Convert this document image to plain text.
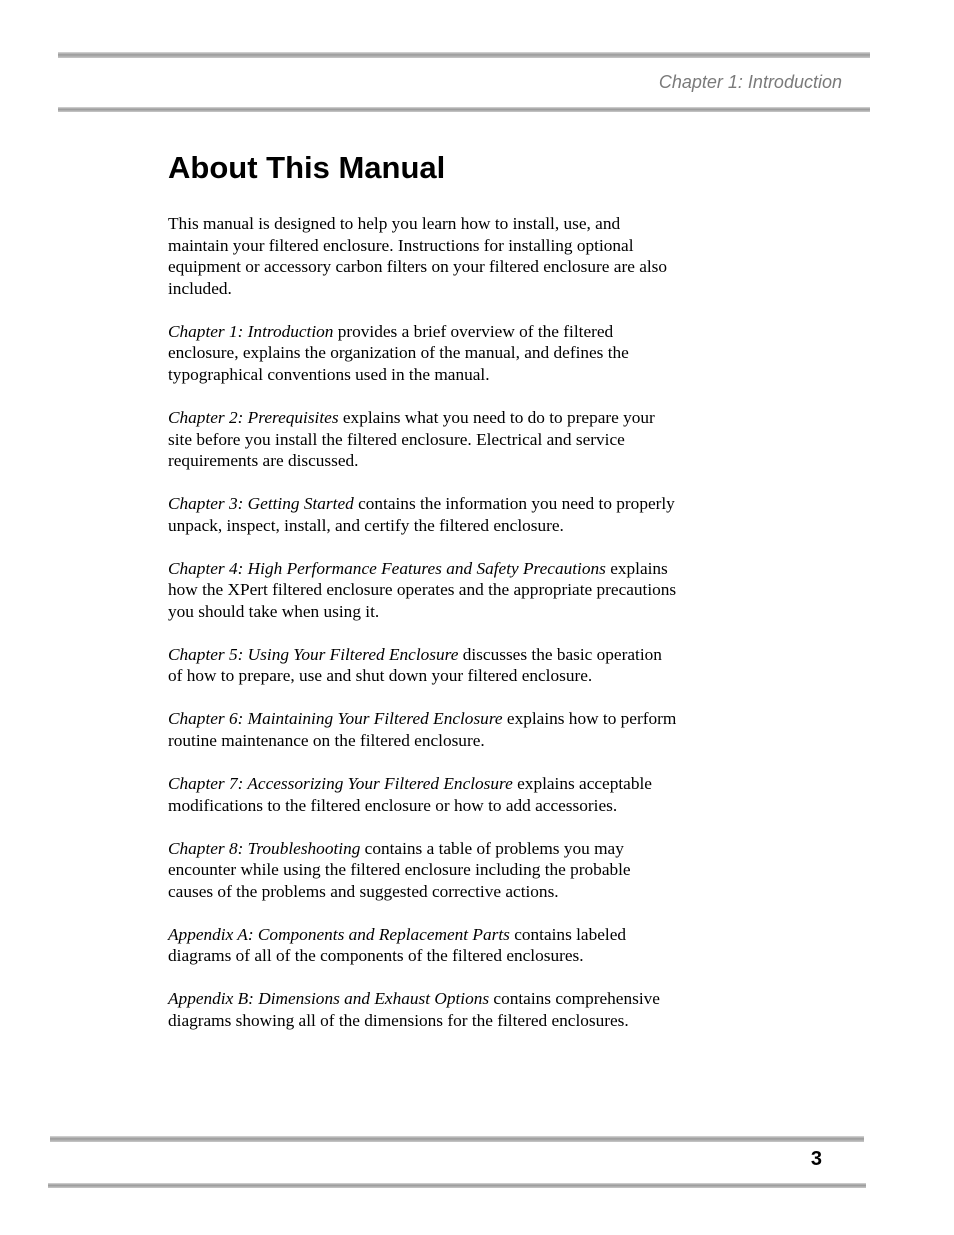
Chapter 1: Introduction
About This Manual

This manual is designed to help you learn how to install, use, and maintain your filtered enclosure. Instructions for installing optional equipment or accessory carbon filters on your filtered enclosure are also included.

Chapter 1: Introduction provides a brief overview of the filtered enclosure, explains the organization of the manual, and defines the typographical conventions used in the manual.

Chapter 2: Prerequisites explains what you need to do to prepare your site before you install the filtered enclosure. Electrical and service requirements are discussed.

Chapter 3: Getting Started contains the information you need to properly unpack, inspect, install, and certify the filtered enclosure.

Chapter 4: High Performance Features and Safety Precautions explains how the XPert filtered enclosure operates and the appropriate precautions you should take when using it.

Chapter 5: Using Your Filtered Enclosure discusses the basic operation of how to prepare, use and shut down your filtered enclosure.

Chapter 6: Maintaining Your Filtered Enclosure explains how to perform routine maintenance on the filtered enclosure.

Chapter 7: Accessorizing Your Filtered Enclosure explains acceptable modifications to the filtered enclosure or how to add accessories.

Chapter 8: Troubleshooting contains a table of problems you may encounter while using the filtered enclosure including the probable causes of the problems and suggested corrective actions.

Appendix A: Components and Replacement Parts contains labeled diagrams of all of the components of the filtered enclosures.

Appendix B: Dimensions and Exhaust Options contains comprehensive diagrams showing all of the dimensions for the filtered enclosures.

3
